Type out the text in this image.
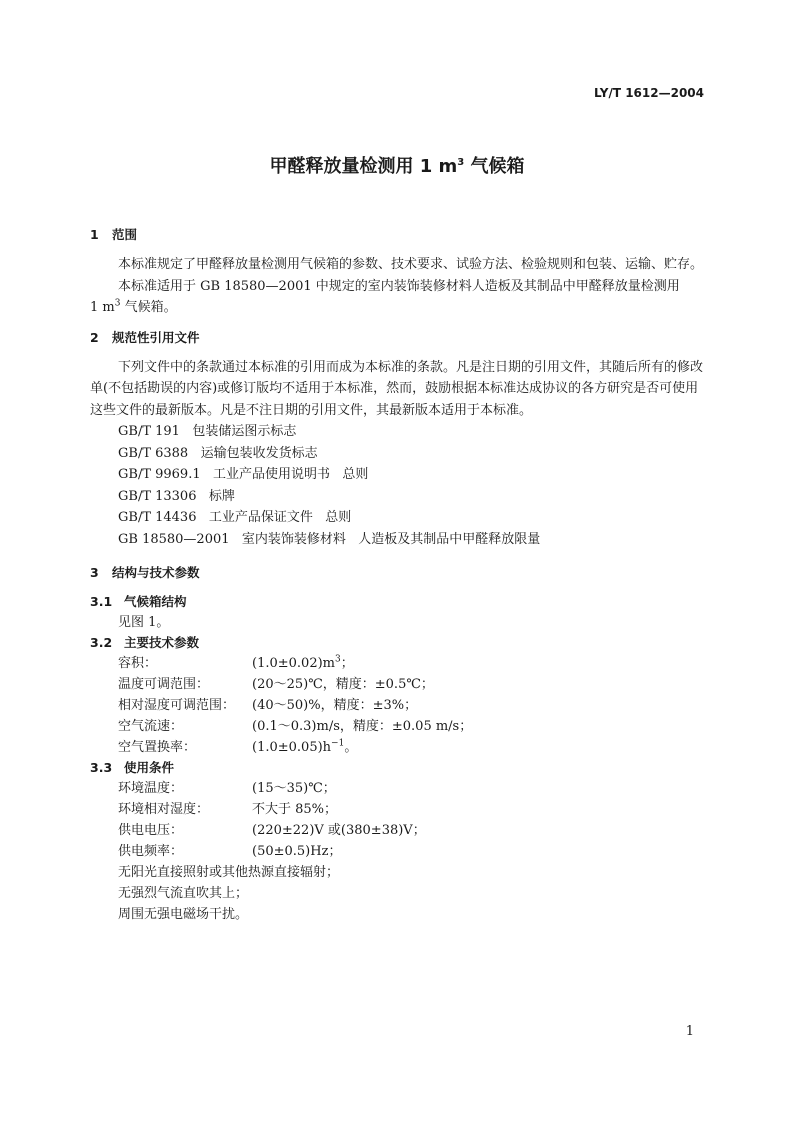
LY/T 1612—2004
甲醛释放量检测用 1 $m^3$ 气候箱
1 范围
本标准规定了甲醛释放量检测用气候箱的参数、技术要求、试验方法、检验规则和包装、运输、贮存。
本标准适用于 GB 18580—2001 中规定的室内装饰装修材料人造板及其制品中甲醛释放量检测用
1 $m^3$ 气候箱。
2 规范性引用文件
下列文件中的条款通过本标准的引用而成为本标准的条款。凡是注日期的引用文件，其随后所有的修改单(不包括勘误的内容)或修订版均不适用于本标准，然而，鼓励根据本标准达成协议的各方研究是否可使用这些文件的最新版本。凡是不注日期的引用文件，其最新版本适用于本标准。
GB/T 191   包装储运图示标志
GB/T 6388   运输包装收发货标志
GB/T 9969.1   工业产品使用说明书   总则
GB/T 13306   标牌
GB/T 14436   工业产品保证文件   总则
GB 18580—2001   室内装饰装修材料   人造板及其制品中甲醛释放限量
3 结构与技术参数
3.1 气候箱结构
见图 1。
3.2 主要技术参数
容积：	$(1.0\pm 0.02)m^3$；
温度可调范围：	(20～25)℃，精度：±0.5℃；
相对湿度可调范围：	(40～50)%，精度：±3%；
空气流速：	(0.1～0.3)m/s，精度：±0.05 m/s；
空气置换率：	$(1.0\pm 0.05)h^{-1}$。
3.3 使用条件
环境温度：	(15～35)℃；
环境相对湿度：	不大于 85%；
供电电压：	(220±22)V 或(380±38)V；
供电频率：	(50±0.5)Hz；
无阳光直接照射或其他热源直接辐射；
无强烈气流直吹其上；
周围无强电磁场干扰。
1
